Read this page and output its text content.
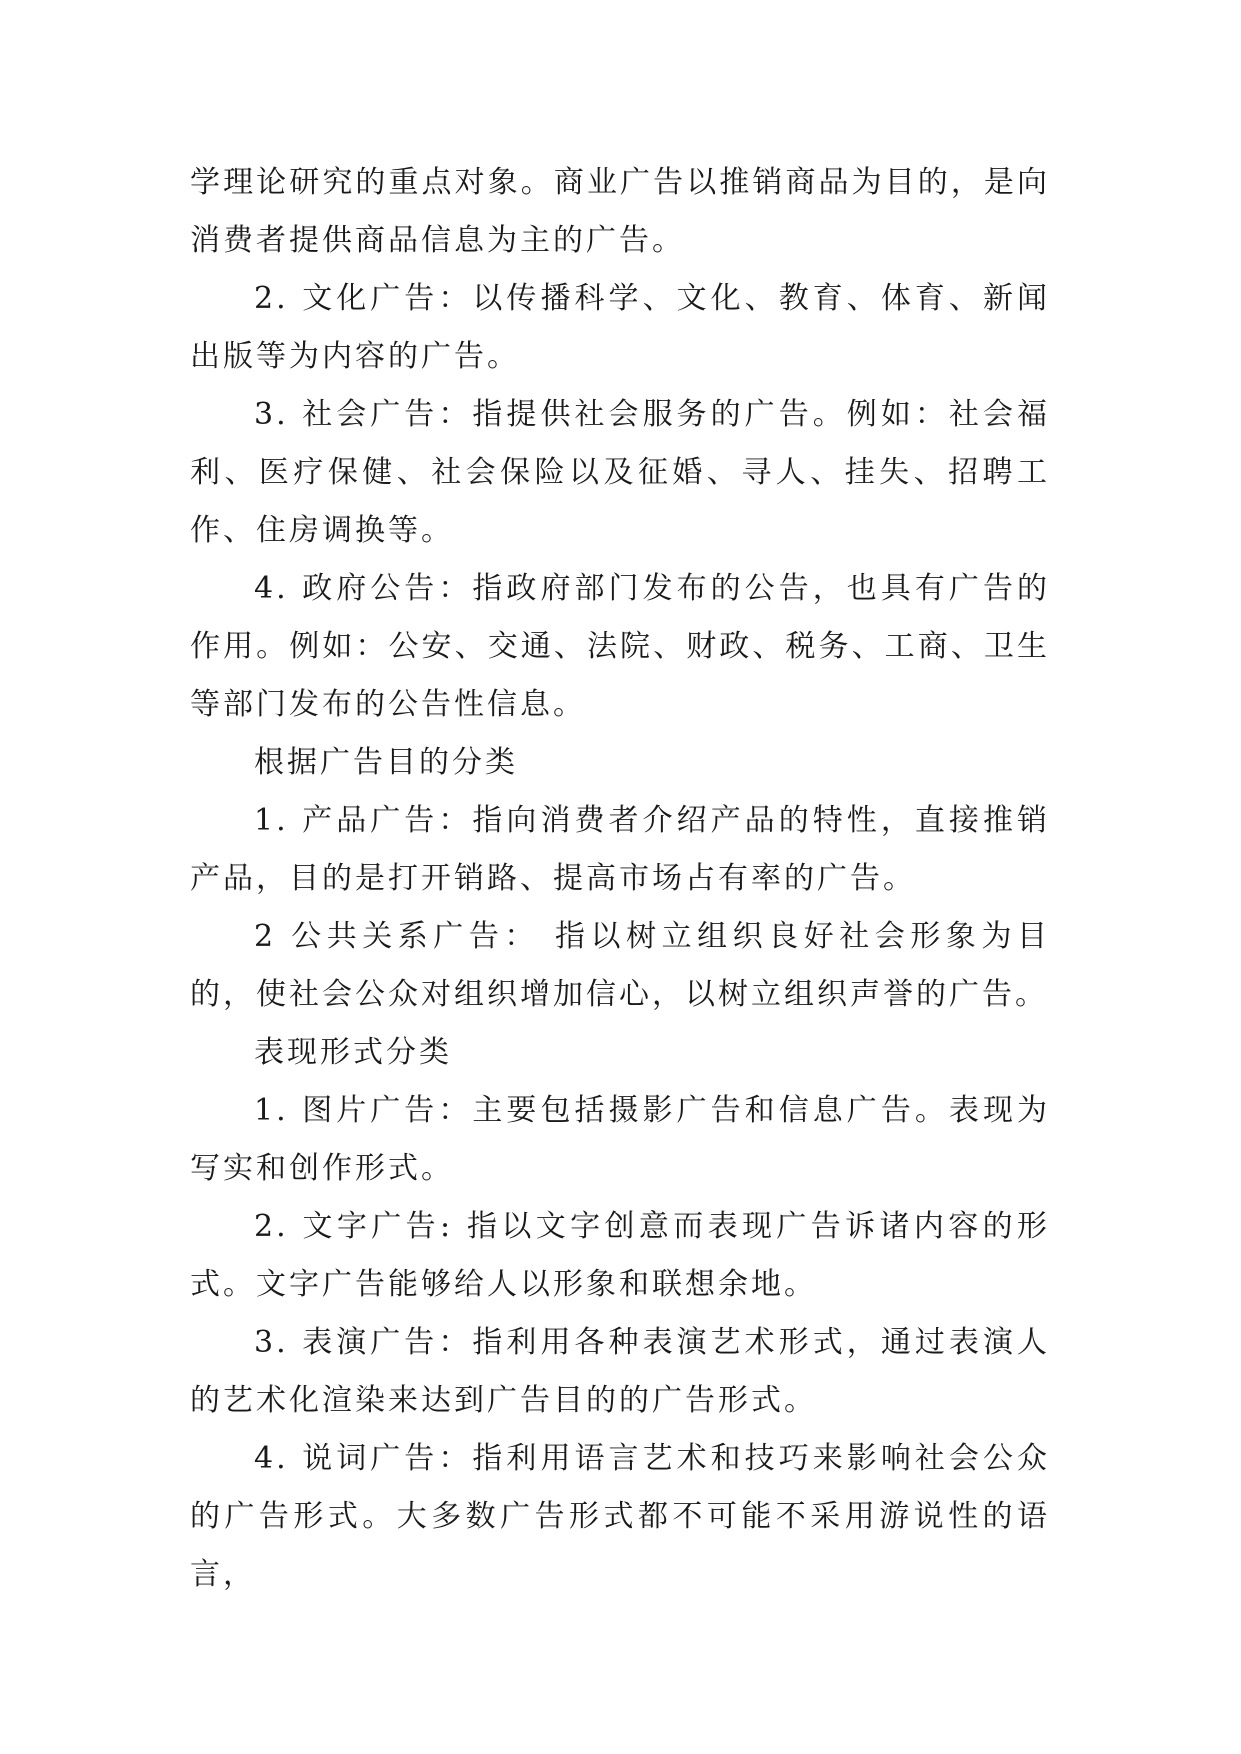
学理论研究的重点对象。商业广告以推销商品为目的，是向消费者提供商品信息为主的广告。

2. 文化广告：以传播科学、文化、教育、体育、新闻出版等为内容的广告。

3. 社会广告：指提供社会服务的广告。例如：社会福利、医疗保健、社会保险以及征婚、寻人、挂失、招聘工作、住房调换等。

4. 政府公告：指政府部门发布的公告，也具有广告的作用。例如：公安、交通、法院、财政、税务、工商、卫生等部门发布的公告性信息。

根据广告目的分类

1. 产品广告：指向消费者介绍产品的特性，直接推销产品，目的是打开销路、提高市场占有率的广告。

2 公共关系广告： 指以树立组织良好社会形象为目的，使社会公众对组织增加信心，以树立组织声誉的广告。

表现形式分类

1. 图片广告：主要包括摄影广告和信息广告。表现为写实和创作形式。

2. 文字广告: 指以文字创意而表现广告诉诸内容的形式。文字广告能够给人以形象和联想余地。

3. 表演广告：指利用各种表演艺术形式，通过表演人的艺术化渲染来达到广告目的的广告形式。

4. 说词广告：指利用语言艺术和技巧来影响社会公众的广告形式。大多数广告形式都不可能不采用游说性的语言，
